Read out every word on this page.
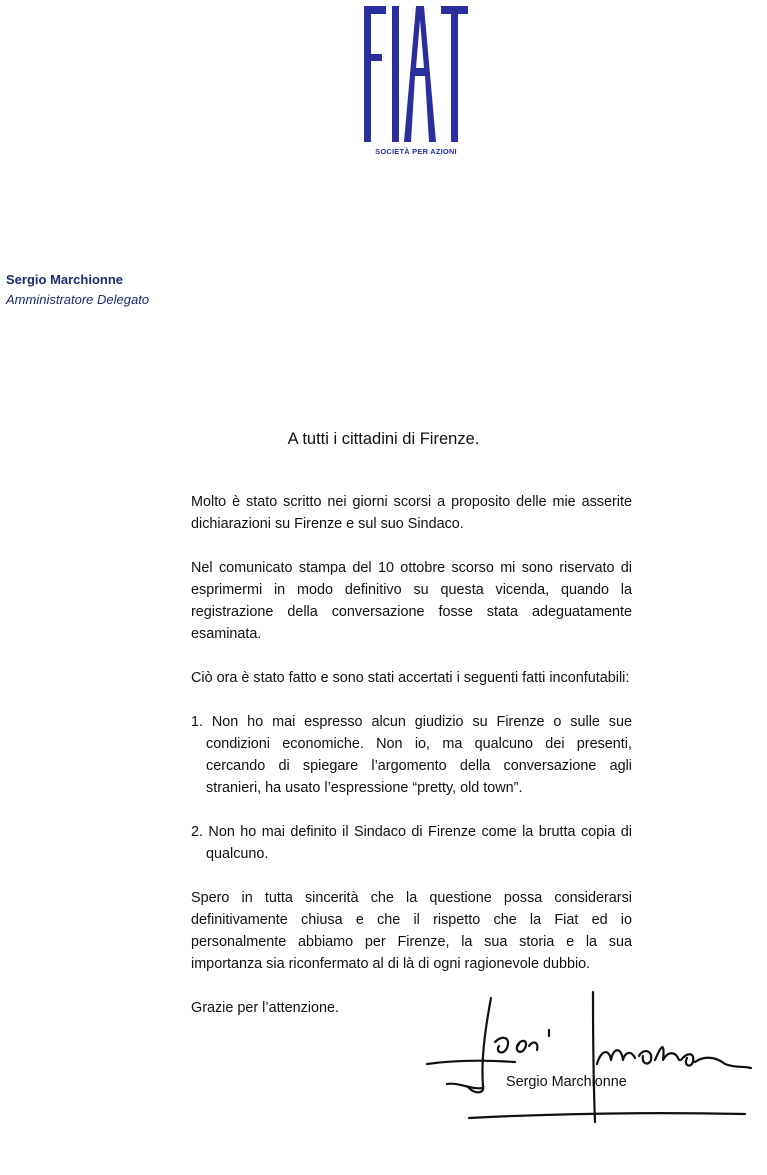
SOCIETÀ PER AZIONI
Sergio Marchionne
Amministratore Delegato
A tutti i cittadini di Firenze.

Molto è stato scritto nei giorni scorsi a proposito delle mie asserite dichiarazioni su Firenze e sul suo Sindaco.

Nel comunicato stampa del 10 ottobre scorso mi sono riservato di esprimermi in modo definitivo su questa vicenda, quando la registrazione della conversazione fosse stata adeguatamente esaminata.

Ciò ora è stato fatto e sono stati accertati i seguenti fatti inconfutabili:

1. Non ho mai espresso alcun giudizio su Firenze o sulle sue condizioni economiche. Non io, ma qualcuno dei presenti, cercando di spiegare l’argomento della conversazione agli stranieri, ha usato l’espressione “pretty, old town”.

2. Non ho mai definito il Sindaco di Firenze come la brutta copia di qualcuno.

Spero in tutta sincerità che la questione possa considerarsi definitivamente chiusa e che il rispetto che la Fiat ed io personalmente abbiamo per Firenze, la sua storia e la sua importanza sia riconfermato al di là di ogni ragionevole dubbio.

Grazie per l’attenzione.
Sergio Marchionne
